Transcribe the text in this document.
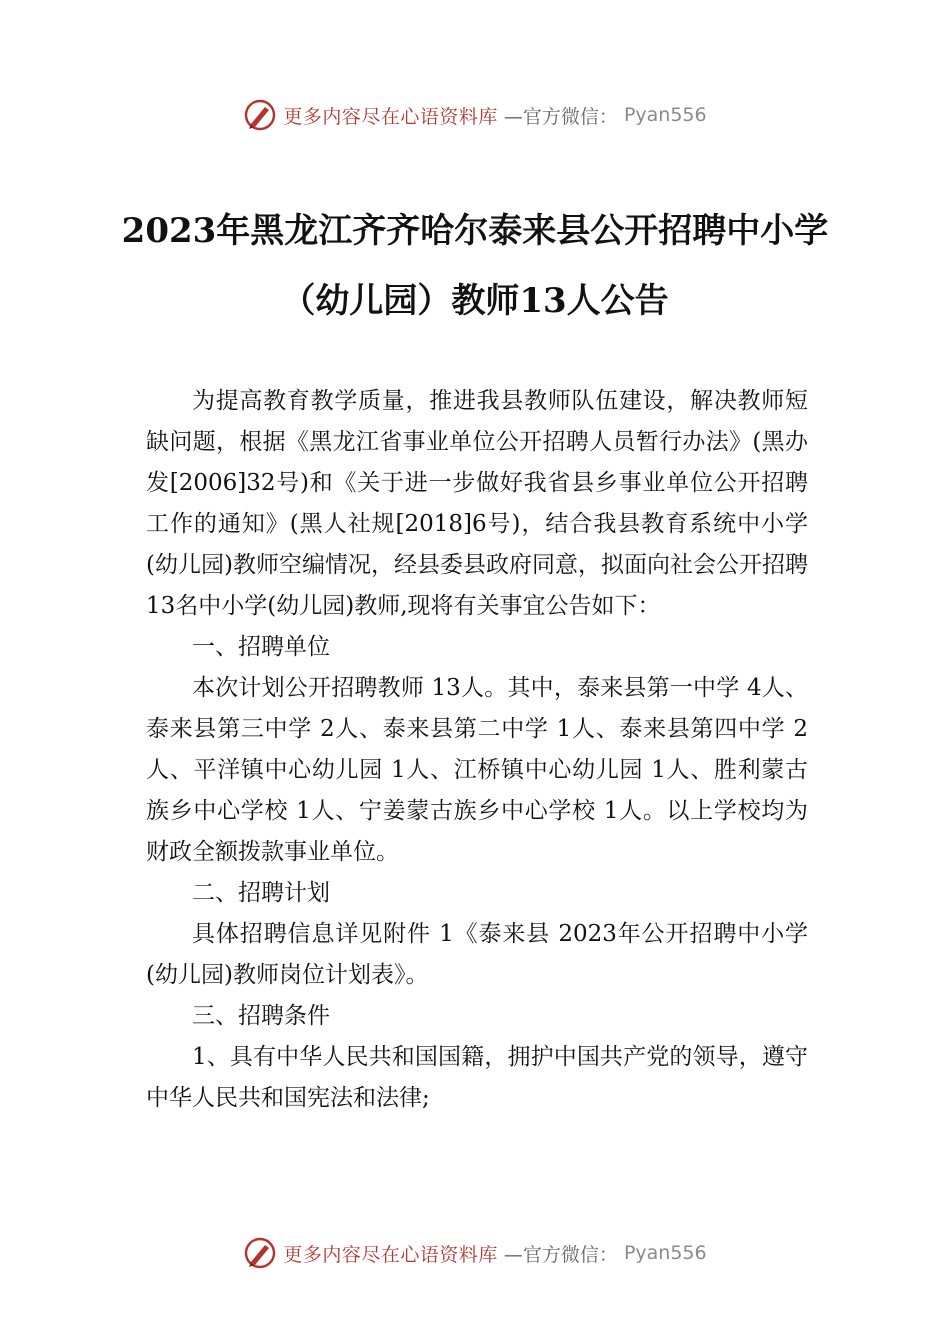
更多内容尽在心语资料库 —官方微信： Pyan556
2023年黑龙江齐齐哈尔泰来县公开招聘中小学（幼儿园）教师13人公告

为提高教育教学质量，推进我县教师队伍建设，解决教师短缺问题，根据《黑龙江省事业单位公开招聘人员暂行办法》(黑办发[2006]32号)和《关于进一步做好我省县乡事业单位公开招聘工作的通知》(黑人社规[2018]6号)，结合我县教育系统中小学(幼儿园)教师空编情况，经县委县政府同意，拟面向社会公开招聘 13名中小学(幼儿园)教师,现将有关事宜公告如下：

一、招聘单位

本次计划公开招聘教师 13人。其中，泰来县第一中学 4人、泰来县第三中学 2人、泰来县第二中学 1人、泰来县第四中学 2人、平洋镇中心幼儿园 1人、江桥镇中心幼儿园 1人、胜利蒙古族乡中心学校 1人、宁姜蒙古族乡中心学校 1人。以上学校均为财政全额拨款事业单位。

二、招聘计划

具体招聘信息详见附件 1《泰来县 2023年公开招聘中小学(幼儿园)教师岗位计划表》。

三、招聘条件

1、具有中华人民共和国国籍，拥护中国共产党的领导，遵守中华人民共和国宪法和法律;

更多内容尽在心语资料库 —官方微信： Pyan556
